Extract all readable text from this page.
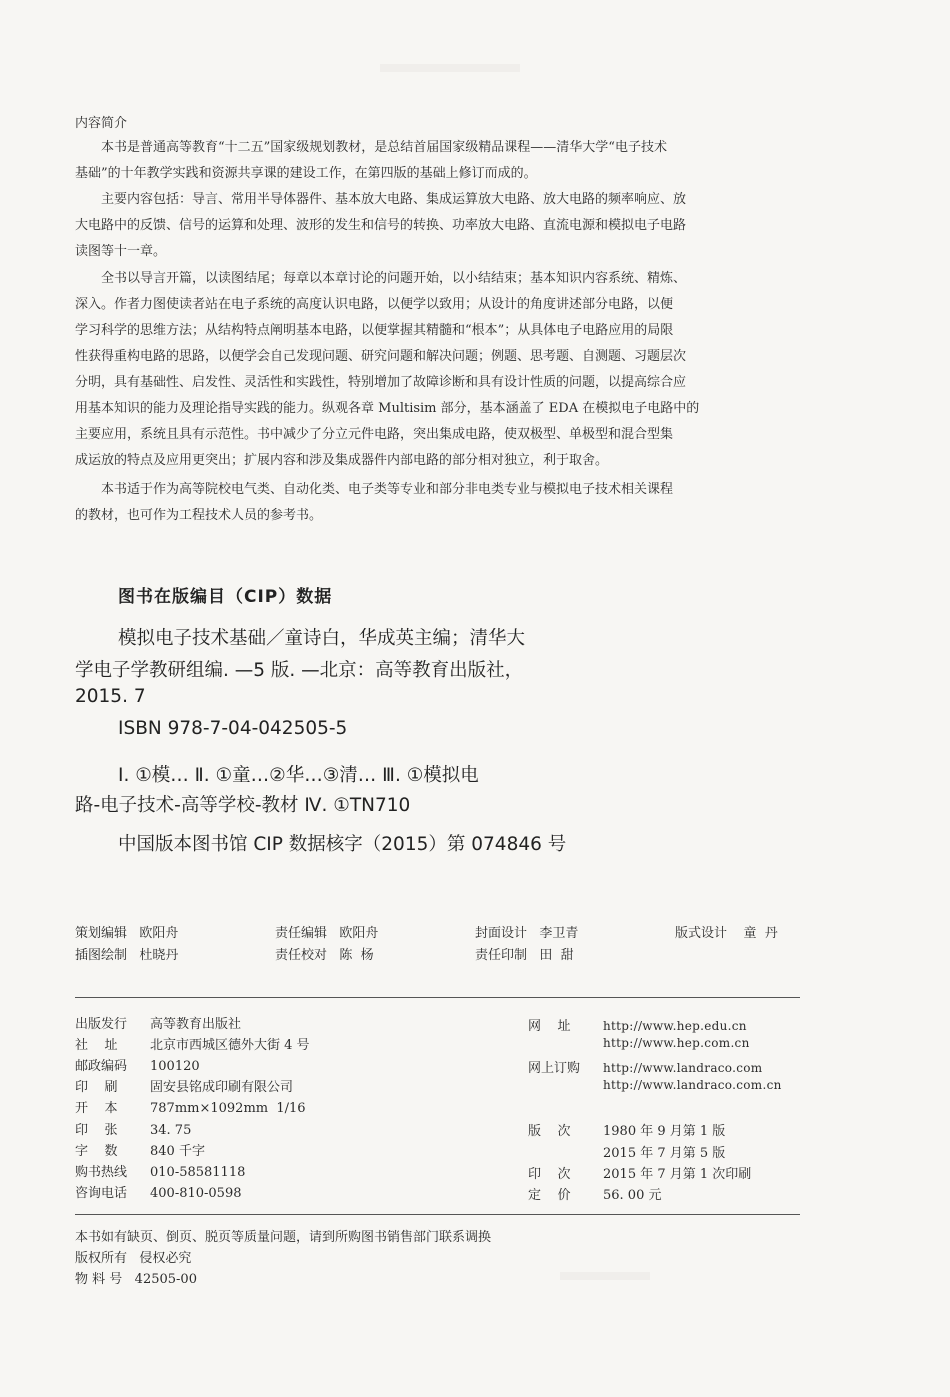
内容简介
本书是普通高等教育“十二五”国家级规划教材，是总结首届国家级精品课程——清华大学“电子技术
基础”的十年教学实践和资源共享课的建设工作，在第四版的基础上修订而成的。
主要内容包括：导言、常用半导体器件、基本放大电路、集成运算放大电路、放大电路的频率响应、放
大电路中的反馈、信号的运算和处理、波形的发生和信号的转换、功率放大电路、直流电源和模拟电子电路
读图等十一章。
全书以导言开篇，以读图结尾；每章以本章讨论的问题开始，以小结结束；基本知识内容系统、精炼、
深入。作者力图使读者站在电子系统的高度认识电路，以便学以致用；从设计的角度讲述部分电路，以便
学习科学的思维方法；从结构特点阐明基本电路，以便掌握其精髓和“根本”；从具体电子电路应用的局限
性获得重构电路的思路，以便学会自己发现问题、研究问题和解决问题；例题、思考题、自测题、习题层次
分明，具有基础性、启发性、灵活性和实践性，特别增加了故障诊断和具有设计性质的问题，以提高综合应
用基本知识的能力及理论指导实践的能力。纵观各章 Multisim 部分，基本涵盖了 EDA 在模拟电子电路中的
主要应用，系统且具有示范性。书中减少了分立元件电路，突出集成电路，使双极型、单极型和混合型集
成运放的特点及应用更突出；扩展内容和涉及集成器件内部电路的部分相对独立，利于取舍。
本书适于作为高等院校电气类、自动化类、电子类等专业和部分非电类专业与模拟电子技术相关课程
的教材，也可作为工程技术人员的参考书。
图书在版编目（CIP）数据
模拟电子技术基础／童诗白，华成英主编；清华大
学电子学教研组编. —5 版. —北京：高等教育出版社，
2015. 7
ISBN 978-7-04-042505-5
Ⅰ. ①模… Ⅱ. ①童…②华…③清… Ⅲ. ①模拟电
路-电子技术-高等学校-教材 Ⅳ. ①TN710
中国版本图书馆 CIP 数据核字（2015）第 074846 号
策划编辑 欧阳舟	责任编辑 欧阳舟	封面设计 李卫青	版式设计 童  丹
插图绘制 杜晓丹	责任校对 陈  杨	责任印制 田  甜
出版发行 高等教育出版社
社    址 北京市西城区德外大街 4 号
邮政编码 100120
印    刷 固安县铭成印刷有限公司
开    本 787mm×1092mm  1/16
印    张 34. 75
字    数 840 千字
购书热线 010-58581118
咨询电话 400-810-0598
网    址	http://www.hep.edu.cn
http://www.hep.com.cn
网上订购 http://www.landraco.com
http://www.landraco.com.cn
版    次 1980 年 9 月第 1 版
2015 年 7 月第 5 版
印    次 2015 年 7 月第 1 次印刷
定    价 56. 00 元
本书如有缺页、倒页、脱页等质量问题，请到所购图书销售部门联系调换
版权所有 侵权必究
物 料 号 42505-00
